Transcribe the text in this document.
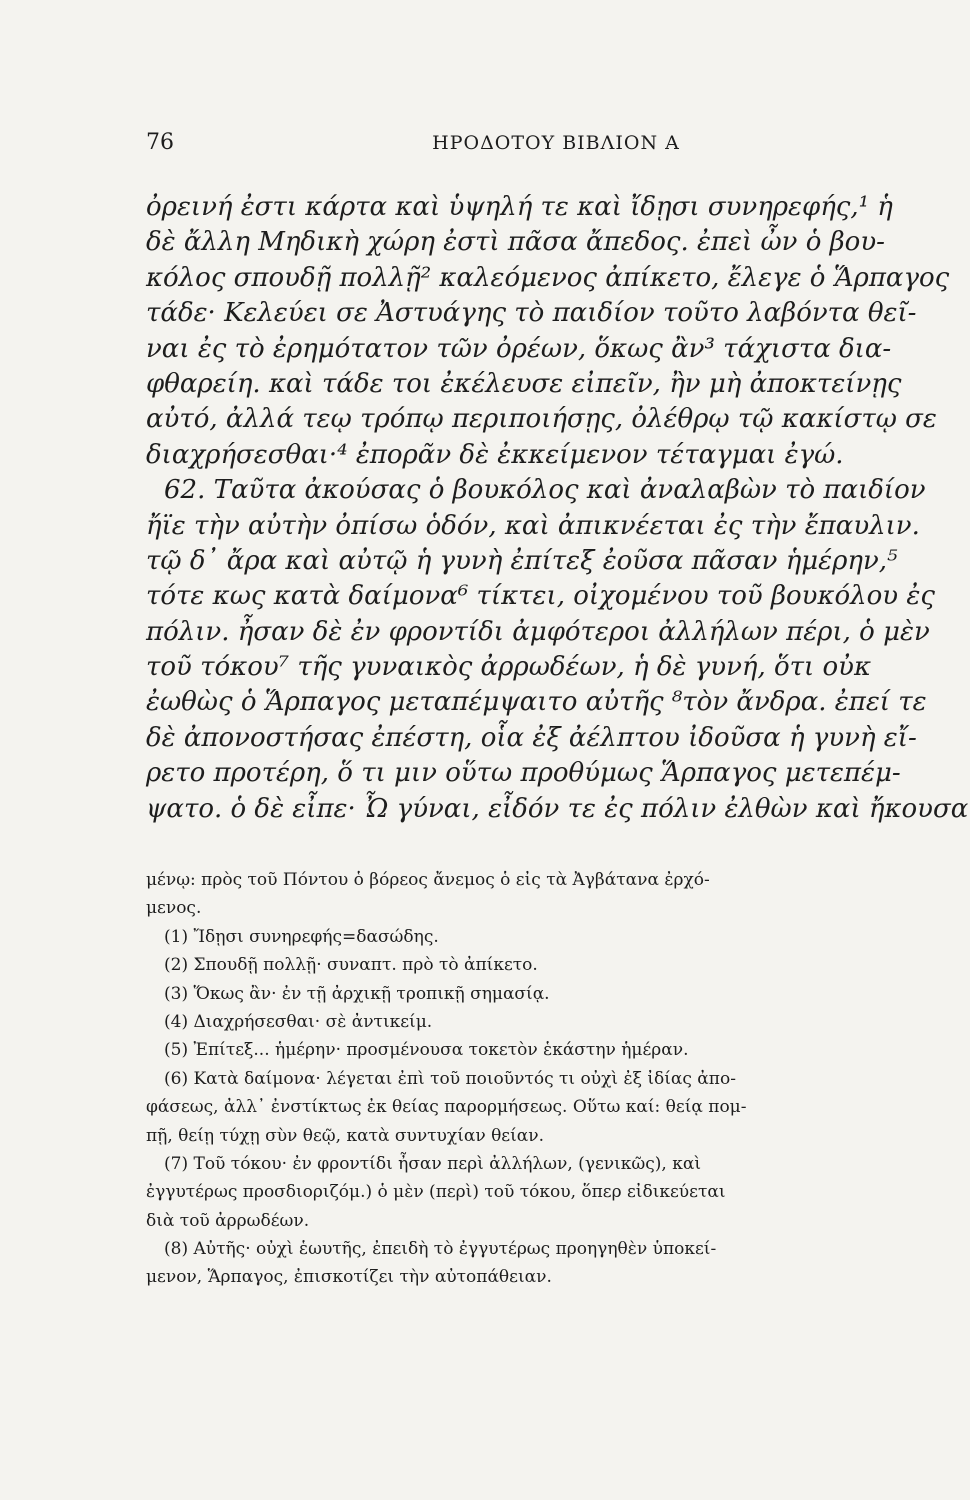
76	ΗΡΟΔΟΤΟΥ ΒΙΒΛΙΟΝ Α
ὀρεινή ἐστι κάρτα καὶ ὑψηλή τε καὶ ἴδῃσι συνηρεφής,¹ ἡ
δὲ ἄλλη Μηδικὴ χώρη ἐστὶ πᾶσα ἄπεδος. ἐπεὶ ὦν ὁ βου-
κόλος σπουδῇ πολλῇ² καλεόμενος ἀπίκετο, ἔλεγε ὁ Ἅρπαγος
τάδε· Κελεύει σε Ἀστυάγης τὸ παιδίον τοῦτο λαβόντα θεῖ-
ναι ἐς τὸ ἐρημότατον τῶν ὀρέων, ὅκως ἂν³ τάχιστα δια-
φθαρείη. καὶ τάδε τοι ἐκέλευσε εἰπεῖν, ἢν μὴ ἀποκτείνῃς
αὐτό, ἀλλά τεῳ τρόπῳ περιποιήσῃς, ὀλέθρῳ τῷ κακίστῳ σε
διαχρήσεσθαι·⁴ ἐπορᾶν δὲ ἐκκείμενον τέταγμαι ἐγώ.
62. Ταῦτα ἀκούσας ὁ βουκόλος καὶ ἀναλαβὼν τὸ παιδίον
ἤϊε τὴν αὐτὴν ὀπίσω ὁδόν, καὶ ἀπικνέεται ἐς τὴν ἔπαυλιν.
τῷ δ᾽ ἄρα καὶ αὐτῷ ἡ γυνὴ ἐπίτεξ ἐοῦσα πᾶσαν ἡμέρην,⁵
τότε κως κατὰ δαίμονα⁶ τίκτει, οἰχομένου τοῦ βουκόλου ἐς
πόλιν. ἦσαν δὲ ἐν φροντίδι ἀμφότεροι ἀλλήλων πέρι, ὁ μὲν
τοῦ τόκου⁷ τῆς γυναικὸς ἀρρωδέων, ἡ δὲ γυνή, ὅτι οὐκ
ἐωθὼς ὁ Ἅρπαγος μεταπέμψαιτο αὐτῆς ⁸τὸν ἄνδρα. ἐπεί τε
δὲ ἀπονοστήσας ἐπέστη, οἷα ἐξ ἀέλπτου ἰδοῦσα ἡ γυνὴ εἴ-
ρετο προτέρη, ὅ τι μιν οὕτω προθύμως Ἅρπαγος μετεπέμ-
ψατο. ὁ δὲ εἶπε· Ὦ γύναι, εἶδόν τε ἐς πόλιν ἐλθὼν καὶ ἤκουσα
μένῳ: πρὸς τοῦ Πόντου ὁ βόρεος ἄνεμος ὁ εἰς τὰ Ἀγβάτανα ἐρχό-
μενος.
(1) Ἴδῃσι συνηρεφής=δασώδης.
(2) Σπουδῇ πολλῇ· συναπτ. πρὸ τὸ ἀπίκετο.
(3) Ὅκως ἂν· ἐν τῇ ἀρχικῇ τροπικῇ σημασίᾳ.
(4) Διαχρήσεσθαι· σὲ ἀντικείμ.
(5) Ἐπίτεξ... ἡμέρην· προσμένουσα τοκετὸν ἑκάστην ἡμέραν.
(6) Κατὰ δαίμονα· λέγεται ἐπὶ τοῦ ποιοῦντός τι οὐχὶ ἐξ ἰδίας ἀπο-
φάσεως, ἀλλ᾽ ἐνστίκτως ἐκ θείας παρορμήσεως. Οὕτω καί: θείᾳ πομ-
πῇ, θείῃ τύχῃ σὺν θεῷ, κατὰ συντυχίαν θείαν.
(7) Τοῦ τόκου· ἐν φροντίδι ἦσαν περὶ ἀλλήλων, (γενικῶς), καὶ
ἐγγυτέρως προσδιοριζόμ.) ὁ μὲν (περὶ) τοῦ τόκου, ὅπερ εἰδικεύεται
διὰ τοῦ ἀρρωδέων.
(8) Αὐτῆς· οὐχὶ ἑωυτῆς, ἐπειδὴ τὸ ἐγγυτέρως προηγηθὲν ὑποκεί-
μενον, Ἅρπαγος, ἐπισκοτίζει τὴν αὐτοπάθειαν.
